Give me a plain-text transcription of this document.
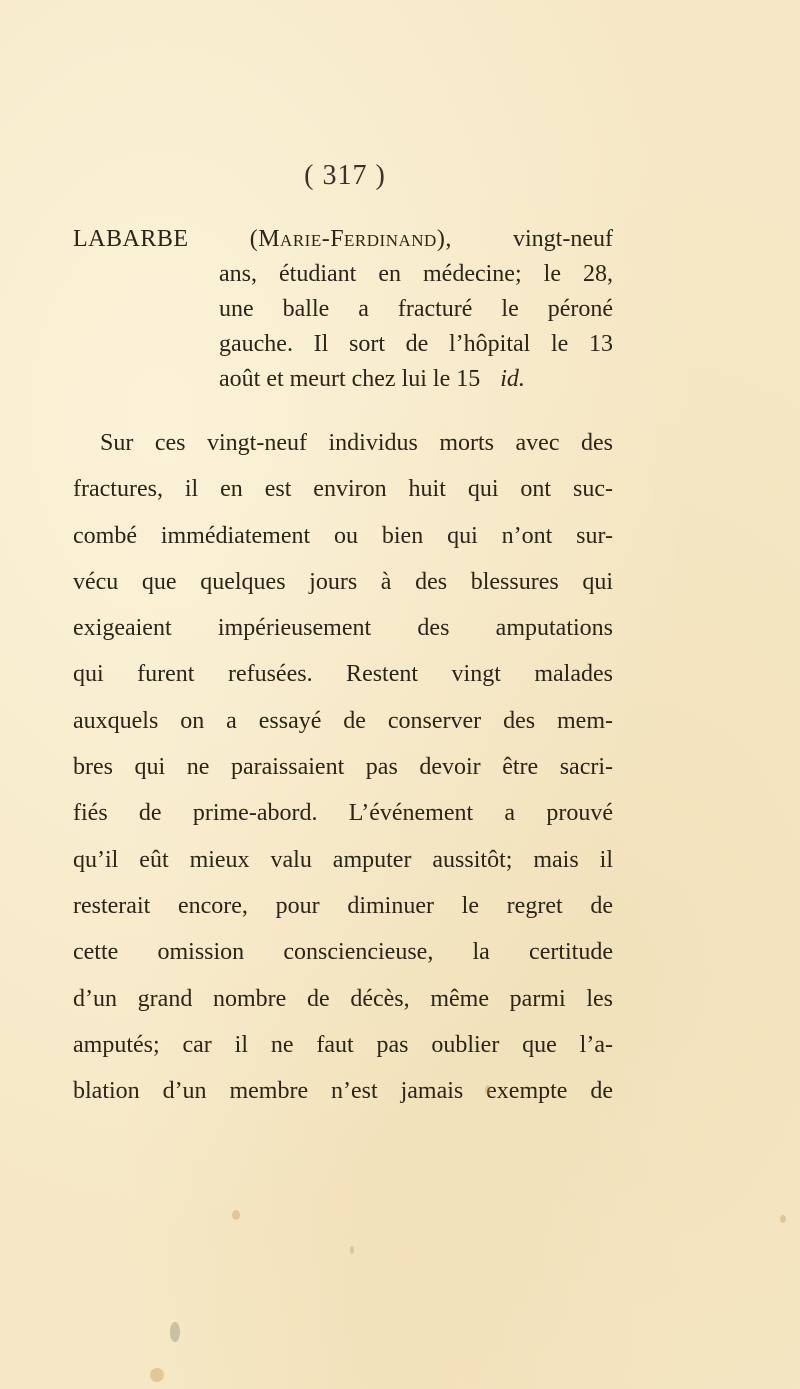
( 317 )
LABARBE	(Marie-Ferdinand),	vingt-neuf
ans, étudiant en médecine; le 28,
une balle a fracturé le péroné
gauche. Il sort de l’hôpital le 13
août et meurt chez lui le 15 id.
Sur ces vingt-neuf individus morts avec des
fractures, il en est environ huit qui ont suc-
combé immédiatement ou bien qui n’ont sur-
vécu que quelques jours à des blessures qui
exigeaient impérieusement des amputations
qui furent refusées. Restent vingt malades
auxquels on a essayé de conserver des mem-
bres qui ne paraissaient pas devoir être sacri-
fiés de prime-abord. L’événement a prouvé
qu’il eût mieux valu amputer aussitôt; mais il
resterait encore, pour diminuer le regret de
cette omission consciencieuse, la certitude
d’un grand nombre de décès, même parmi les
amputés; car il ne faut pas oublier que l’a-
blation d’un membre n’est jamais exempte de
